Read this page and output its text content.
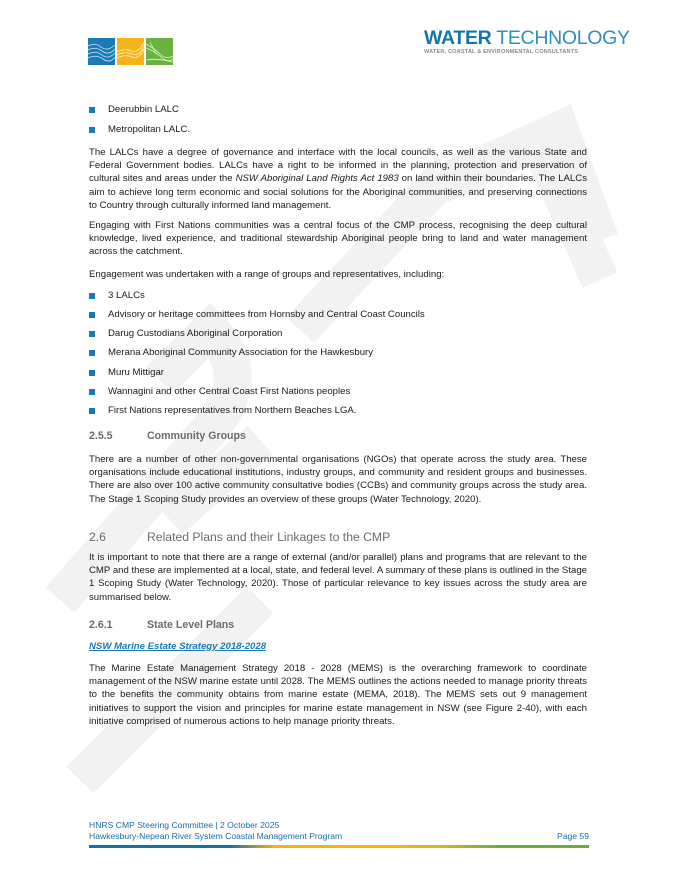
WATER TECHNOLOGY
WATER, COASTAL & ENVIRONMENTAL CONSULTANTS
Deerubbin LALC
Metropolitan LALC.

The LALCs have a degree of governance and interface with the local councils, as well as the various State and Federal Government bodies. LALCs have a right to be informed in the planning, protection and preservation of cultural sites and areas under the NSW Aboriginal Land Rights Act 1983 on land within their boundaries. The LALCs aim to achieve long term economic and social solutions for the Aboriginal communities, and preserving connections to Country through culturally informed land management.

Engaging with First Nations communities was a central focus of the CMP process, recognising the deep cultural knowledge, lived experience, and traditional stewardship Aboriginal people bring to land and water management across the catchment.

Engagement was undertaken with a range of groups and representatives, including:

3 LALCs
Advisory or heritage committees from Hornsby and Central Coast Councils
Darug Custodians Aboriginal Corporation
Merana Aboriginal Community Association for the Hawkesbury
Muru Mittigar
Wannagini and other Central Coast First Nations peoples
First Nations representatives from Northern Beaches LGA.
2.5.5	Community Groups

There are a number of other non-governmental organisations (NGOs) that operate across the study area. These organisations include educational institutions, industry groups, and community and resident groups and businesses. There are also over 100 active community consultative bodies (CCBs) and community groups across the study area. The Stage 1 Scoping Study provides an overview of these groups (Water Technology, 2020).

2.6	Related Plans and their Linkages to the CMP

It is important to note that there are a range of external (and/or parallel) plans and programs that are relevant to the CMP and these are implemented at a local, state, and federal level. A summary of these plans is outlined in the Stage 1 Scoping Study (Water Technology, 2020). Those of particular relevance to key issues across the study area are summarised below.

2.6.1	State Level Plans
NSW Marine Estate Strategy 2018-2028

The Marine Estate Management Strategy 2018 - 2028 (MEMS) is the overarching framework to coordinate management of the NSW marine estate until 2028. The MEMS outlines the actions needed to manage priority threats to the benefits the community obtains from marine estate (MEMA, 2018). The MEMS sets out 9 management initiatives to support the vision and principles for marine estate management in NSW (see Figure 2-40), with each initiative comprised of numerous actions to help manage priority threats.

HNRS CMP Steering Committee | 2 October 2025
Hawkesbury-Nepean River System Coastal Management Program	Page 59
